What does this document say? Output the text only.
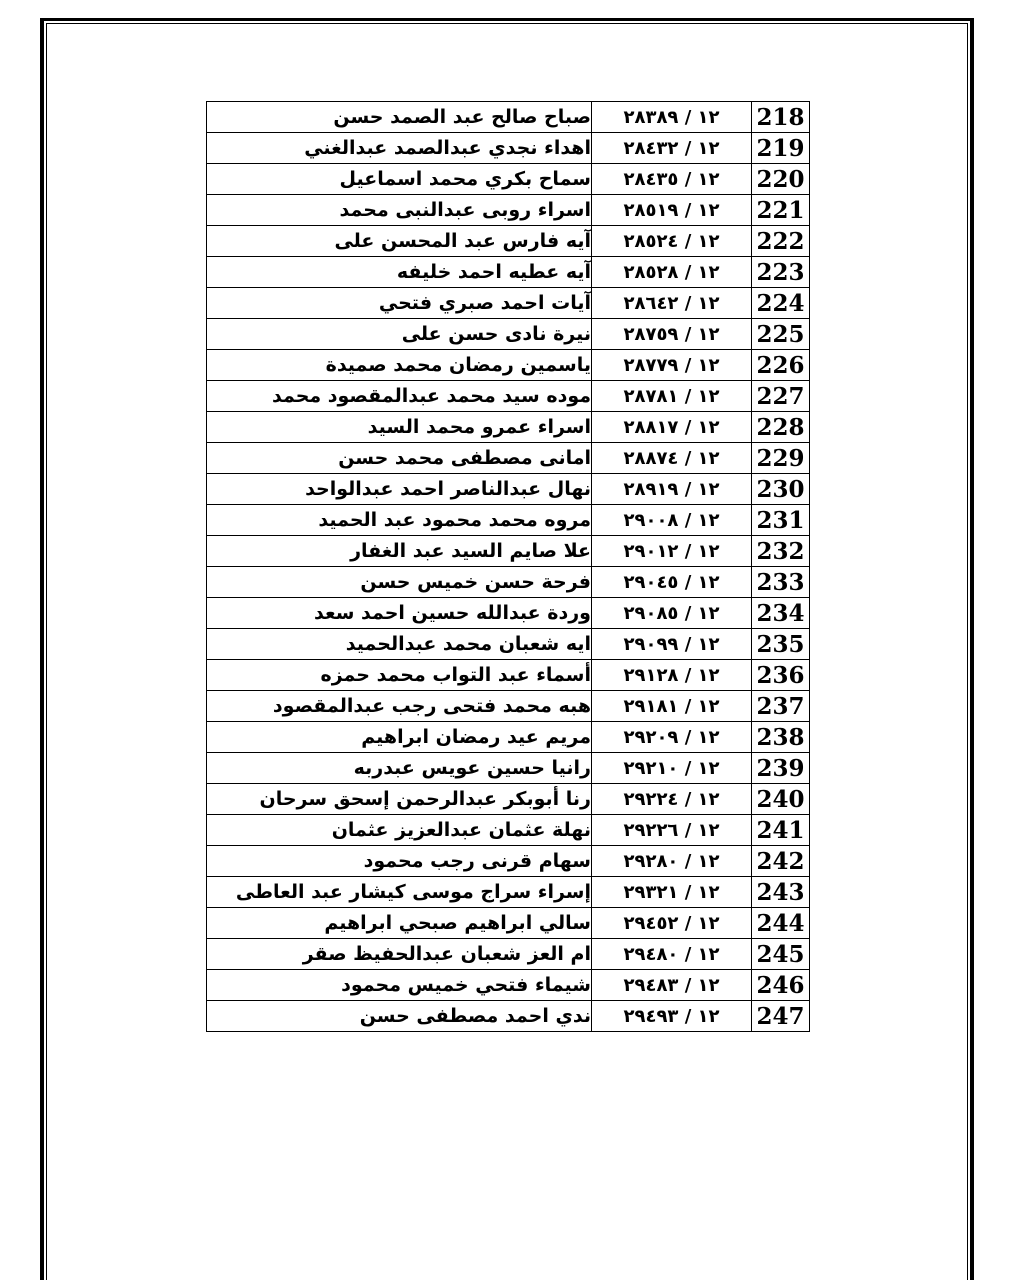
218	١٢ / ٢٨٣٨٩	صباح صالح عبد الصمد حسن
219	١٢ / ٢٨٤٣٢	اهداء نجدي عبدالصمد عبدالغني
220	١٢ / ٢٨٤٣٥	سماح بكري محمد اسماعيل
221	١٢ / ٢٨٥١٩	اسراء روبى عبدالنبى محمد
222	١٢ / ٢٨٥٢٤	آيه فارس عبد المحسن على
223	١٢ / ٢٨٥٢٨	آيه عطيه احمد خليفه
224	١٢ / ٢٨٦٤٢	آيات احمد صبري فتحي
225	١٢ / ٢٨٧٥٩	نيرة نادى حسن على
226	١٢ / ٢٨٧٧٩	ياسمين رمضان محمد صميدة
227	١٢ / ٢٨٧٨١	موده سيد محمد عبدالمقصود محمد
228	١٢ / ٢٨٨١٧	اسراء عمرو محمد السيد
229	١٢ / ٢٨٨٧٤	امانى مصطفى محمد حسن
230	١٢ / ٢٨٩١٩	نهال عبدالناصر احمد عبدالواحد
231	١٢ / ٢٩٠٠٨	مروه محمد محمود عبد الحميد
232	١٢ / ٢٩٠١٢	علا صايم السيد عبد الغفار
233	١٢ / ٢٩٠٤٥	فرحة حسن خميس حسن
234	١٢ / ٢٩٠٨٥	وردة عبدالله حسين احمد سعد
235	١٢ / ٢٩٠٩٩	ايه شعبان محمد عبدالحميد
236	١٢ / ٢٩١٢٨	أسماء عبد التواب محمد حمزه
237	١٢ / ٢٩١٨١	هبه محمد فتحى رجب عبدالمقصود
238	١٢ / ٢٩٢٠٩	مريم عيد رمضان ابراهيم
239	١٢ / ٢٩٢١٠	رانيا حسين عويس عبدربه
240	١٢ / ٢٩٢٢٤	رنا أبوبكر عبدالرحمن إسحق سرحان
241	١٢ / ٢٩٢٢٦	نهلة عثمان عبدالعزيز عثمان
242	١٢ / ٢٩٢٨٠	سهام قرنى رجب محمود
243	١٢ / ٢٩٣٢١	إسراء سراج موسى كيشار عبد العاطى
244	١٢ / ٢٩٤٥٢	سالي ابراهيم صبحي ابراهيم
245	١٢ / ٢٩٤٨٠	ام العز شعبان عبدالحفيظ صقر
246	١٢ / ٢٩٤٨٣	شيماء فتحي خميس محمود
247	١٢ / ٢٩٤٩٣	ندي احمد مصطفى حسن
